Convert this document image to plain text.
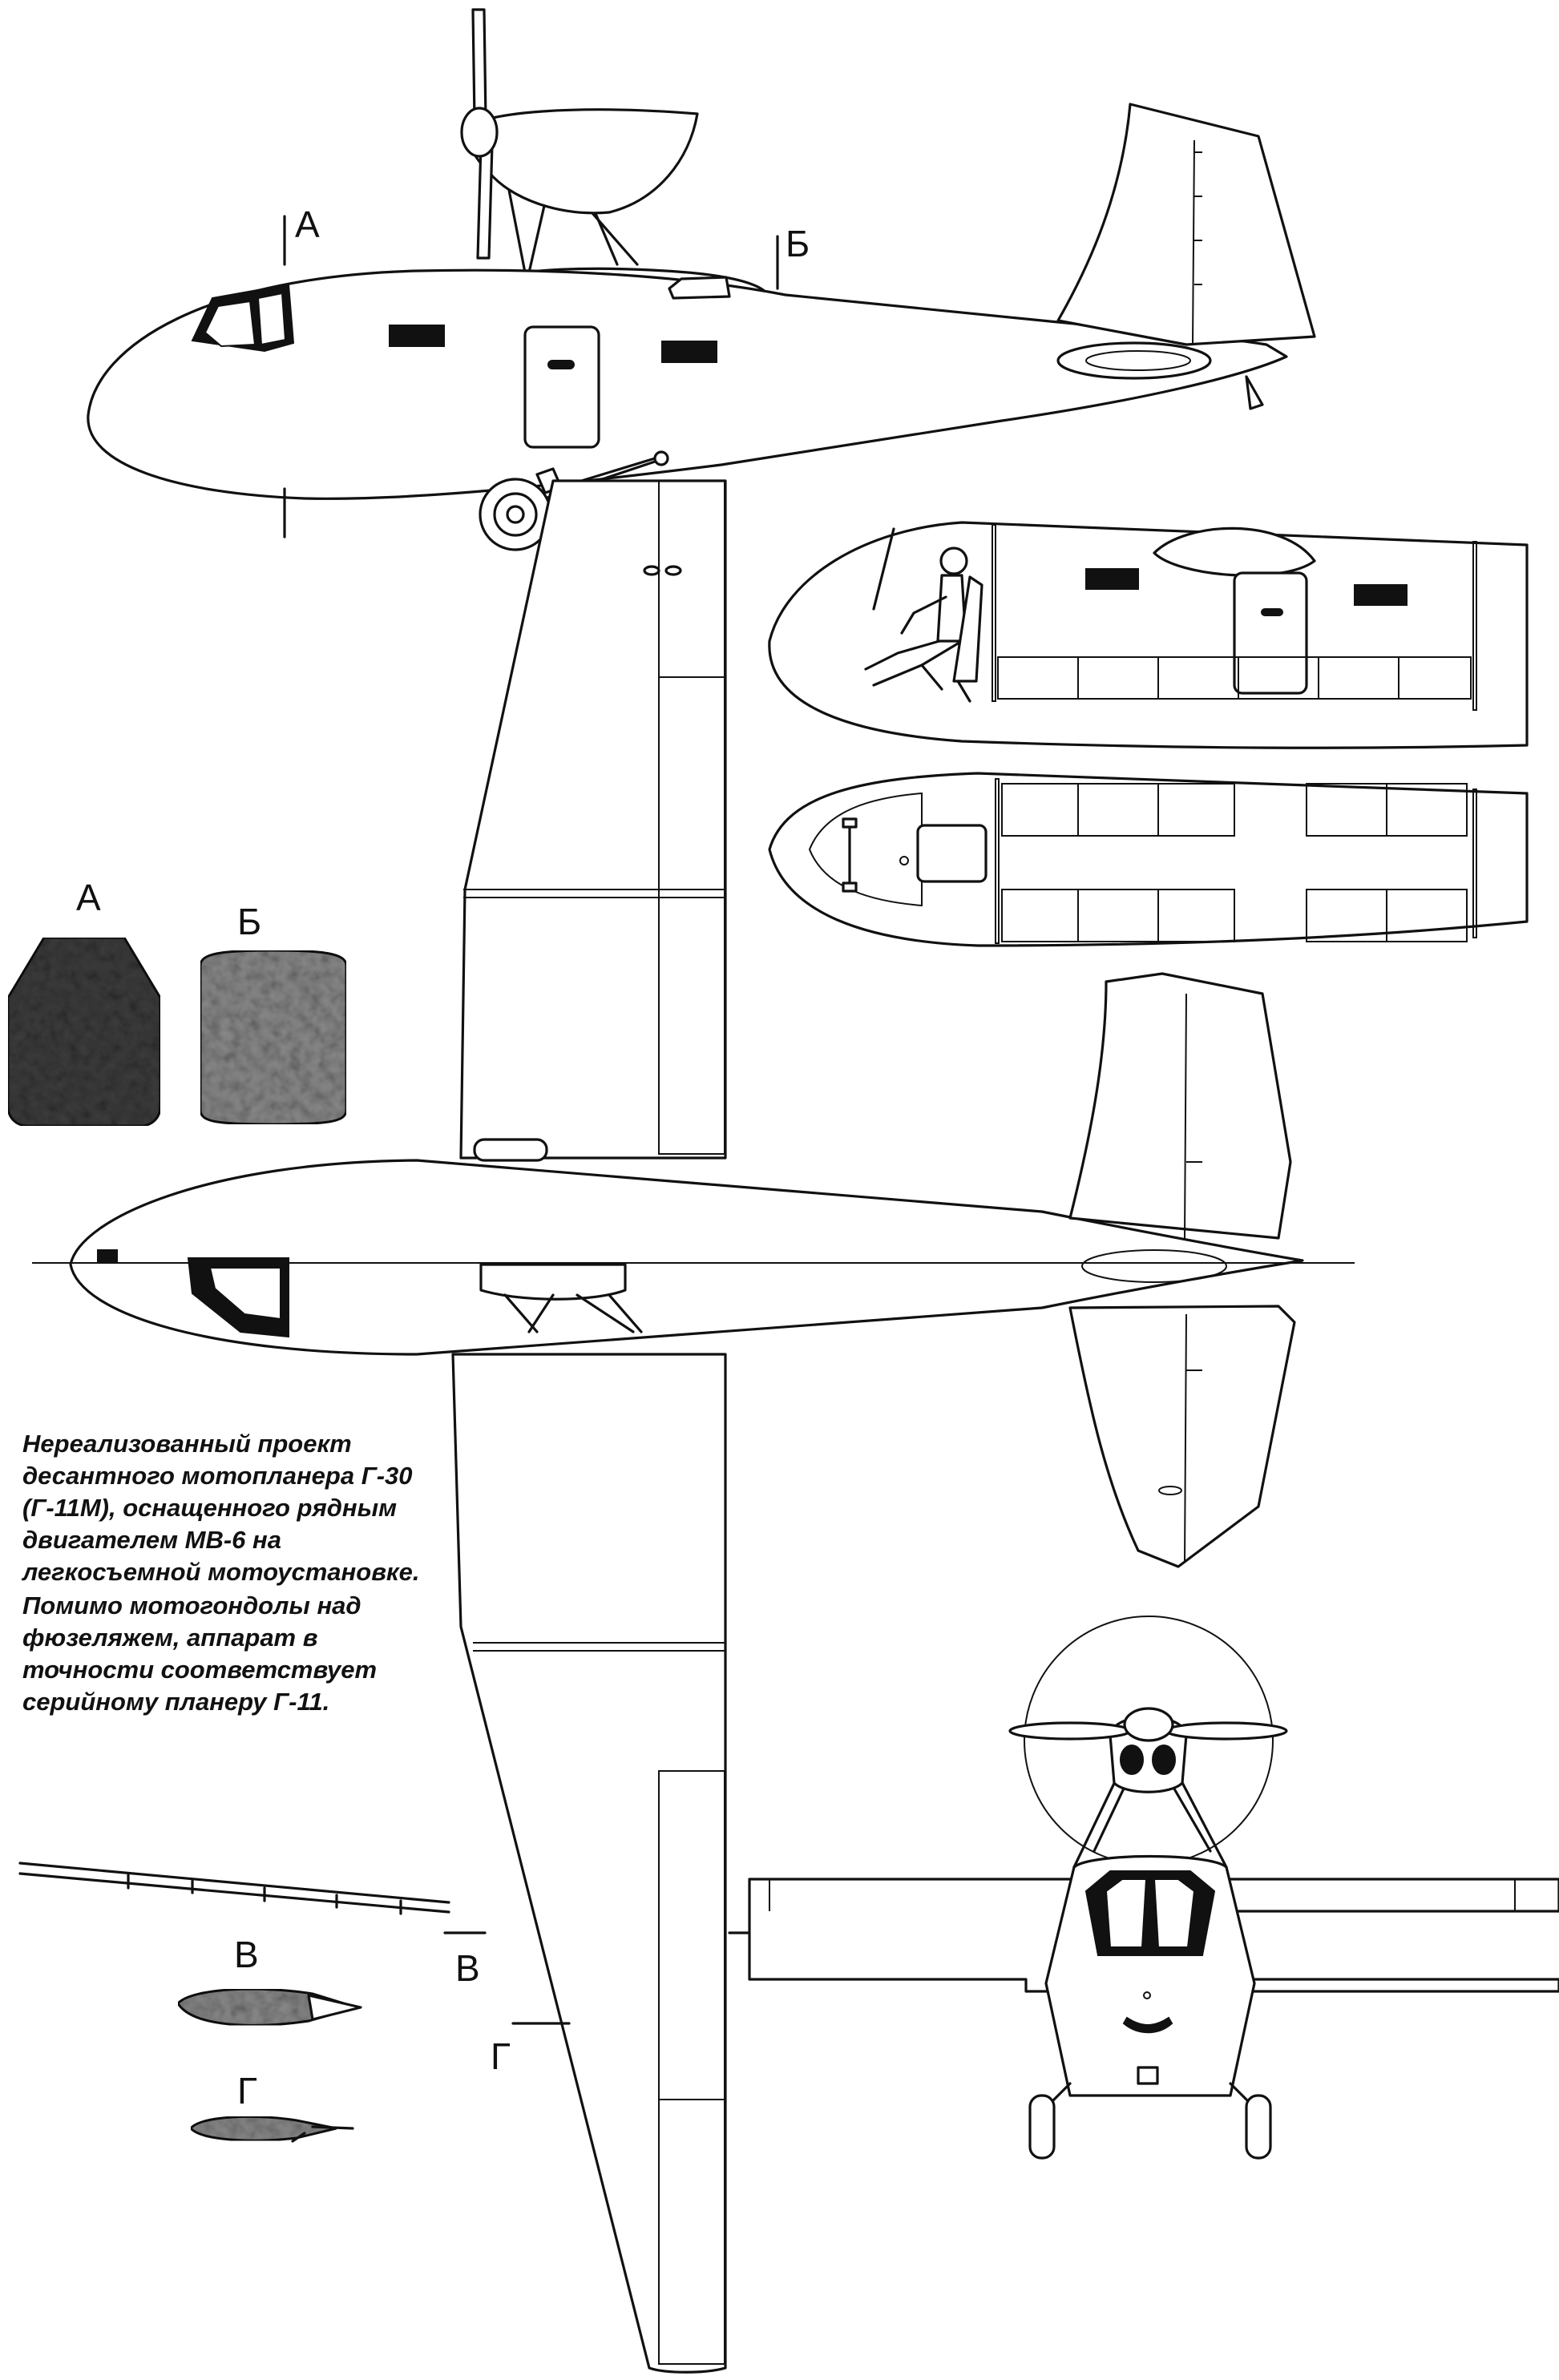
А	Б
В
Г
А
Б
В
Г

Нереализованный проект десантного мотопланера Г-30 (Г-11М), оснащенного рядным двигателем МВ-6 на легкосъемной мотоустановке.

Помимо мотогондолы над фюзеляжем, аппарат в точности соответствует серийному планеру Г-11.
